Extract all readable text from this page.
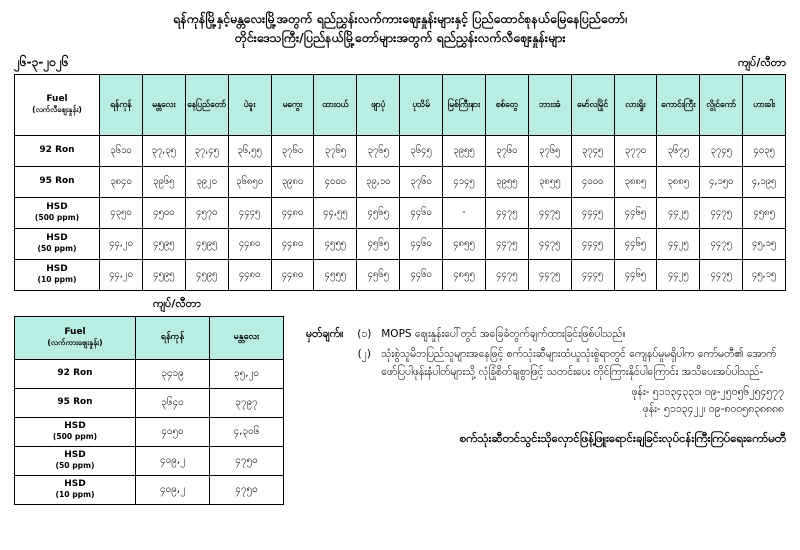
ရန်ကုန်မြို့နှင့်မန္တလေးမြို့အတွက် ရည်ညွှန်းလက်ကားဈေးနှုန်းများနှင့် ပြည်ထောင်စုနယ်မြေနေပြည်တော်၊
တိုင်းဒေသကြီး/ပြည်နယ်မြို့တော်များအတွက် ရည်ညွှန်းလက်လီဈေးနှုန်းများ
၂၆-၃-၂၀၂၆	ကျပ်/လီတာ
Fuel
(လက်လီဈေးနှုန်း)	ရန်ကုန်	မန္တလေး	နေပြည်တော်	ပဲခူး	မကွေး	ထားဝယ်	ဖျာပုံ	ပုသိမ်	မြစ်ကြီးနား	စစ်တွေ	ဘားအံ	မော်လမြိုင်	လားရှိုး	ကောင်းကြီး	လွိုင်ကော်	ဟားခါး

92 Ron	၃၆၁၀	၃၇,၃၅	၃၇,၄၅	၃၆,၅၅	၃၇၆၀	၃၇၆၅	၃၇၆၅	၃၆၄၅	၃၉၅၅	၃၇၆၀	၃၇၆၅	၃၇၄၅	၃၇၇၀	၃၆၇၅	၃၇၄၅	၄၀၃၅

95 Ron	၃၈၄၀	၃၉၆၅	၃၉၂၀	၃၆၈၅၀	၃၉၈၀	၄၀၀၀	၃၉,၁၀	၃၇၆၀	၄၁၄၅	၃၉၅၅	၃၈၅၅	၄၀၀၀	၃၈၈၅	၃၈၈၅	၄,၁၅၀	၄,၁၉၅

HSD
(500 ppm)	၄၃၅၀	၄၅၀၀	၄၅၇၀	၄၄၄၅	၄၄၈၀	၄၄,၅၅	၄၅၆၅	၄၄၆၀	-	၄၄၇၅	၄၄၇၅	၄၄၄၅	၄၄၆၅	၄၄၂၅	၄၄၇၅	၄၅၈၅

HSD
(50 ppm)	၄၄,၂၀	၄၅၉၅	၄၅၉၅	၄၄၈၀	၄၄၈၀	၄၅၅၅	၄၅၆၅	၄၄၆၀	၄၈၅၅	၄၄၇၅	၄၄၇၅	၄၄၄၅	၄၄၆၅	၄၄၂၅	၄၄၇၅	၄၅,၁၅

HSD
(10 ppm)	၄၄,၂၀	၄၅၉၅	၄၅၉၅	၄၄၈၀	၄၄၈၀	၄၅၅၅	၄၅၆၅	၄၄၆၀	၄၈၅၅	၄၄၇၅	၄၄၇၅	၄၄၄၅	၄၄၆၅	၄၄၂၅	၄၄၇၅	၄၅,၁၅
ကျပ်/လီတာ
Fuel
(လက်ကားဈေးနှုန်း)	ရန်ကုန်	မန္တလေး

92 Ron	၃၄၁၉	၃၅,၂၀

95 Ron	၃၆၄၀	၃၇၉၇

HSD
(500 ppm)	၄၀၅၀	၄,၃၀၆

HSD
(50 ppm)	၄၀၉,၂	၄၇၅၀

HSD
(10 ppm)	၄၀၉,၂	၄၇၅၀
မှတ်ချက်။	(၁) MOPS ဈေးနှုန်းပေါ်တွင် အခြေခံတွက်ချက်ထားခြင်းဖြစ်ပါသည်။
(၂) သုံးစွဲသူမိဘပြည်သူများအနေဖြင့် စက်သုံးဆီများထံယူသုံးစွဲရာတွင် ကျေနပ်မှုမရှိပါက ကော်မတီ၏ အောက်ဖော်ပြပါဖုန်းနံပါတ်များသို့ လုံခြုံစိတ်ချစွာဖြင့် သတင်းပေး တိုင်ကြားနိုင်ပါကြောင်း အသိပေးအပ်ပါသည်-
ဖုန်း- ၅၁၁၃၄၃၃၁၊ ၀၉-၂၅၀၅၆၂၅၄၅၇၇
ဖုန်း- ၅၁၁၃၄၂၂၊ ၀၉-၈၀၀၅၈၃၈၈၈၈
စက်သုံးဆီတင်သွင်းသိုလှောင်ဖြန့်ဖြူးရောင်းချခြင်းလုပ်ငန်းကြီးကြပ်ရေးကော်မတီ
